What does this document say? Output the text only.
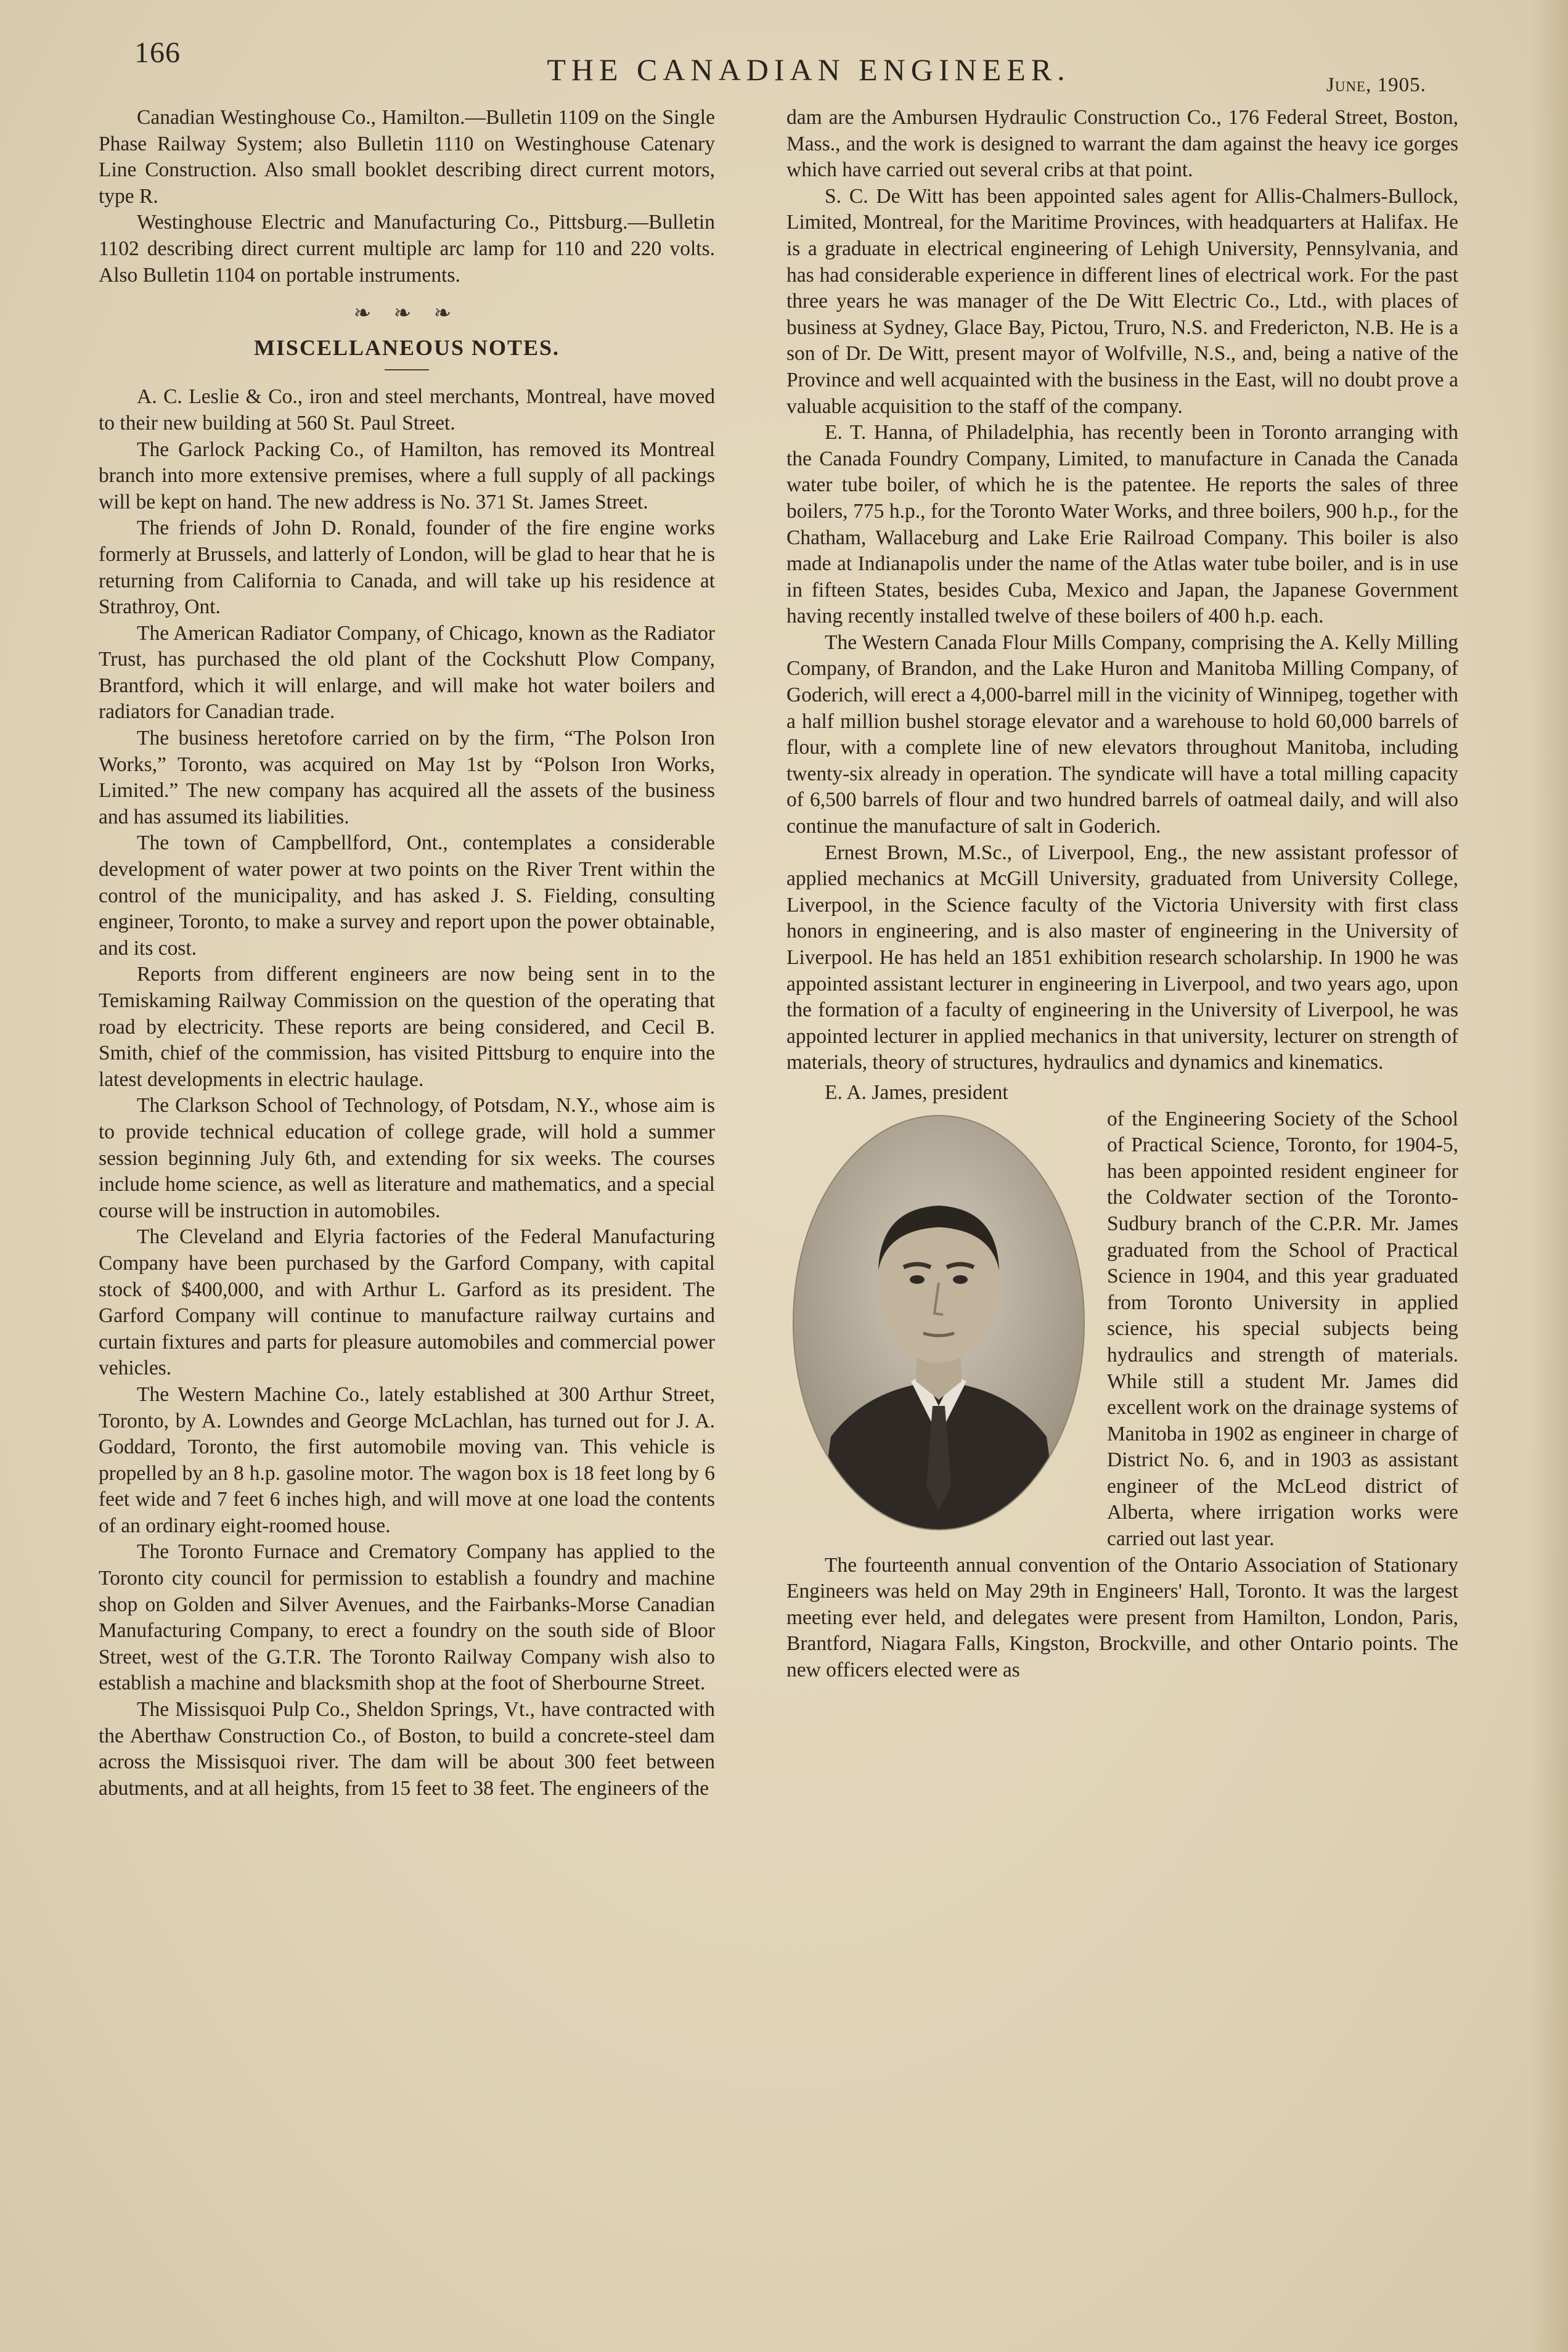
166	THE CANADIAN ENGINEER.	June, 1905.

Canadian Westinghouse Co., Hamilton.—Bulletin 1109 on the Single Phase Railway System; also Bulletin 1110 on Westinghouse Catenary Line Construction. Also small booklet describing direct current motors, type R.

Westinghouse Electric and Manufacturing Co., Pittsburg.—Bulletin 1102 describing direct current multiple arc lamp for 110 and 220 volts. Also Bulletin 1104 on portable instruments.

❧ ❧ ❧
MISCELLANEOUS NOTES.

A. C. Leslie & Co., iron and steel merchants, Montreal, have moved to their new building at 560 St. Paul Street.

The Garlock Packing Co., of Hamilton, has removed its Montreal branch into more extensive premises, where a full supply of all packings will be kept on hand. The new address is No. 371 St. James Street.

The friends of John D. Ronald, founder of the fire engine works formerly at Brussels, and latterly of London, will be glad to hear that he is returning from California to Canada, and will take up his residence at Strathroy, Ont.

The American Radiator Company, of Chicago, known as the Radiator Trust, has purchased the old plant of the Cockshutt Plow Company, Brantford, which it will enlarge, and will make hot water boilers and radiators for Canadian trade.

The business heretofore carried on by the firm, “The Polson Iron Works,” Toronto, was acquired on May 1st by “Polson Iron Works, Limited.” The new company has acquired all the assets of the business and has assumed its liabilities.

The town of Campbellford, Ont., contemplates a considerable development of water power at two points on the River Trent within the control of the municipality, and has asked J. S. Fielding, consulting engineer, Toronto, to make a survey and report upon the power obtainable, and its cost.

Reports from different engineers are now being sent in to the Temiskaming Railway Commission on the question of the operating that road by electricity. These reports are being considered, and Cecil B. Smith, chief of the commission, has visited Pittsburg to enquire into the latest developments in electric haulage.

The Clarkson School of Technology, of Potsdam, N.Y., whose aim is to provide technical education of college grade, will hold a summer session beginning July 6th, and extending for six weeks. The courses include home science, as well as literature and mathematics, and a special course will be instruction in automobiles.

The Cleveland and Elyria factories of the Federal Manufacturing Company have been purchased by the Garford Company, with capital stock of $400,000, and with Arthur L. Garford as its president. The Garford Company will continue to manufacture railway curtains and curtain fixtures and parts for pleasure automobiles and commercial power vehicles.

The Western Machine Co., lately established at 300 Arthur Street, Toronto, by A. Lowndes and George McLachlan, has turned out for J. A. Goddard, Toronto, the first automobile moving van. This vehicle is propelled by an 8 h.p. gasoline motor. The wagon box is 18 feet long by 6 feet wide and 7 feet 6 inches high, and will move at one load the contents of an ordinary eight-roomed house.

The Toronto Furnace and Crematory Company has applied to the Toronto city council for permission to establish a foundry and machine shop on Golden and Silver Avenues, and the Fairbanks-Morse Canadian Manufacturing Company, to erect a foundry on the south side of Bloor Street, west of the G.T.R. The Toronto Railway Company wish also to establish a machine and blacksmith shop at the foot of Sherbourne Street.

The Missisquoi Pulp Co., Sheldon Springs, Vt., have contracted with the Aberthaw Construction Co., of Boston, to build a concrete-steel dam across the Missisquoi river. The dam will be about 300 feet between abutments, and at all heights, from 15 feet to 38 feet. The engineers of the

dam are the Ambursen Hydraulic Construction Co., 176 Federal Street, Boston, Mass., and the work is designed to warrant the dam against the heavy ice gorges which have carried out several cribs at that point.

S. C. De Witt has been appointed sales agent for Allis-Chalmers-Bullock, Limited, Montreal, for the Maritime Provinces, with headquarters at Halifax. He is a graduate in electrical engineering of Lehigh University, Pennsylvania, and has had considerable experience in different lines of electrical work. For the past three years he was manager of the De Witt Electric Co., Ltd., with places of business at Sydney, Glace Bay, Pictou, Truro, N.S. and Fredericton, N.B. He is a son of Dr. De Witt, present mayor of Wolfville, N.S., and, being a native of the Province and well acquainted with the business in the East, will no doubt prove a valuable acquisition to the staff of the company.

E. T. Hanna, of Philadelphia, has recently been in Toronto arranging with the Canada Foundry Company, Limited, to manufacture in Canada the Canada water tube boiler, of which he is the patentee. He reports the sales of three boilers, 775 h.p., for the Toronto Water Works, and three boilers, 900 h.p., for the Chatham, Wallaceburg and Lake Erie Railroad Company. This boiler is also made at Indianapolis under the name of the Atlas water tube boiler, and is in use in fifteen States, besides Cuba, Mexico and Japan, the Japanese Government having recently installed twelve of these boilers of 400 h.p. each.

The Western Canada Flour Mills Company, comprising the A. Kelly Milling Company, of Brandon, and the Lake Huron and Manitoba Milling Company, of Goderich, will erect a 4,000-barrel mill in the vicinity of Winnipeg, together with a half million bushel storage elevator and a warehouse to hold 60,000 barrels of flour, with a complete line of new elevators throughout Manitoba, including twenty-six already in operation. The syndicate will have a total milling capacity of 6,500 barrels of flour and two hundred barrels of oatmeal daily, and will also continue the manufacture of salt in Goderich.

Ernest Brown, M.Sc., of Liverpool, Eng., the new assistant professor of applied mechanics at McGill University, graduated from University College, Liverpool, in the Science faculty of the Victoria University with first class honors in engineering, and is also master of engineering in the University of Liverpool. He has held an 1851 exhibition research scholarship. In 1900 he was appointed assistant lecturer in engineering in Liverpool, and two years ago, upon the formation of a faculty of engineering in the University of Liverpool, he was appointed lecturer in applied mechanics in that university, lecturer on strength of materials, theory of structures, hydraulics and dynamics and kinematics.

E. A. James, president

of the Engineering Society of the School of Practical Science, Toronto, for 1904-5, has been appointed resident engineer for the Coldwater section of the Toronto-Sudbury branch of the C.P.R. Mr. James graduated from the School of Practical Science in 1904, and this year graduated from Toronto University in applied science, his special subjects being hydraulics and strength of materials. While still a student Mr. James did excellent work on the drainage systems of Manitoba in 1902 as engineer in charge of District No. 6, and in 1903 as assistant engineer of the McLeod district of Alberta, where irrigation works were carried out last year.

The fourteenth annual convention of the Ontario Association of Stationary Engineers was held on May 29th in Engineers' Hall, Toronto. It was the largest meeting ever held, and delegates were present from Hamilton, London, Paris, Brantford, Niagara Falls, Kingston, Brockville, and other Ontario points. The new officers elected were as
